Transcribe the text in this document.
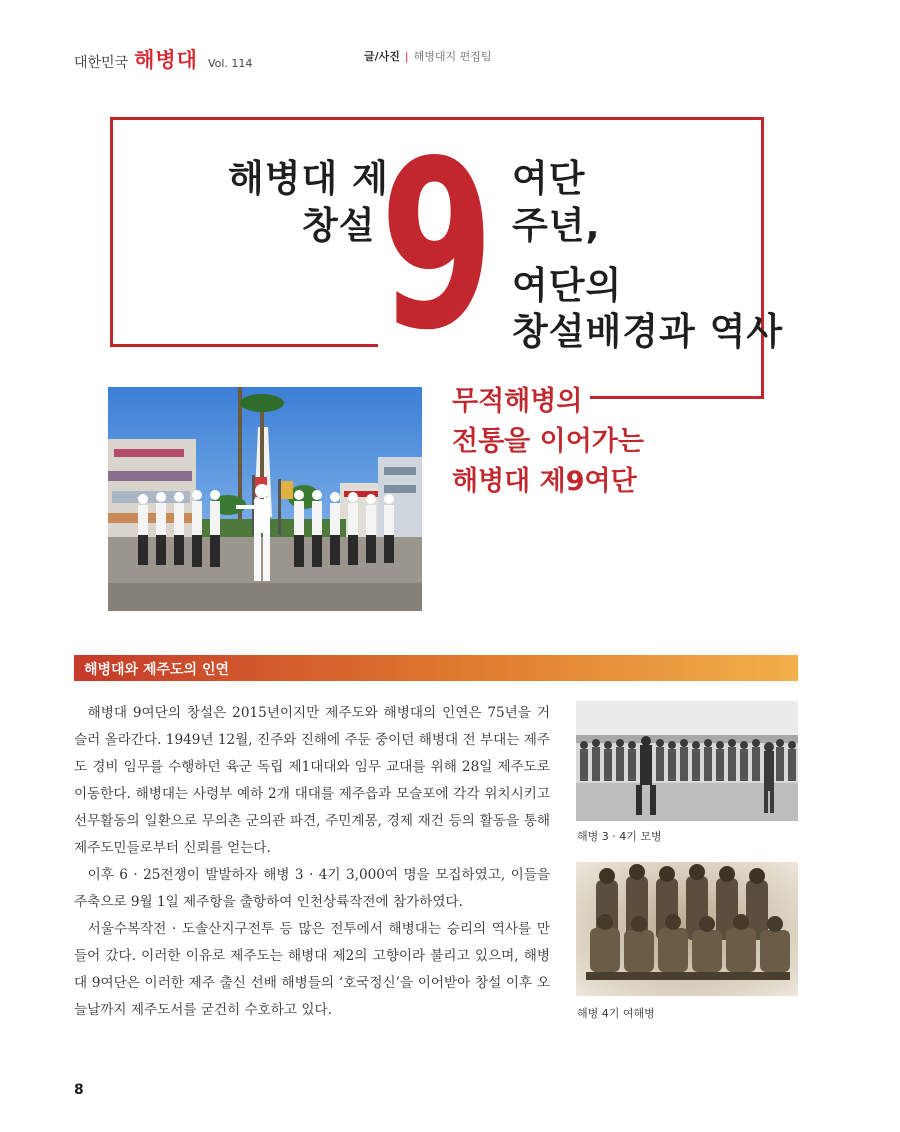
대한민국 해병대 Vol. 114
글/사진 | 해병대지 편집팀
해병대 제
창설 9 여단
주년,
여단의
창설배경과 역사
무적해병의
전통을 이어가는
해병대 제9여단
해병대와 제주도의 인연

해병대 9여단의 창설은 2015년이지만 제주도와 해병대의 인연은 75년을 거슬러 올라간다. 1949년 12월, 진주와 진해에 주둔 중이던 해병대 전 부대는 제주도 경비 임무를 수행하던 육군 독립 제1대대와 임무 교대를 위해 28일 제주도로 이동한다. 해병대는 사령부 예하 2개 대대를 제주읍과 모슬포에 각각 위치시키고 선무활동의 일환으로 무의촌 군의관 파견, 주민계몽, 경제 재건 등의 활동을 통해 제주도민들로부터 신뢰를 얻는다.

이후 6 · 25전쟁이 발발하자 해병 3 · 4기 3,000여 명을 모집하였고, 이들을 주축으로 9월 1일 제주항을 출항하여 인천상륙작전에 참가하였다.

서울수복작전 · 도솔산지구전투 등 많은 전투에서 해병대는 승리의 역사를 만들어 갔다. 이러한 이유로 제주도는 해병대 제2의 고향이라 불리고 있으며, 해병대 9여단은 이러한 제주 출신 선배 해병들의 ‘호국정신’을 이어받아 창설 이후 오늘날까지 제주도서를 굳건히 수호하고 있다.

해병 3 · 4기 모병
해병 4기 여해병
8
